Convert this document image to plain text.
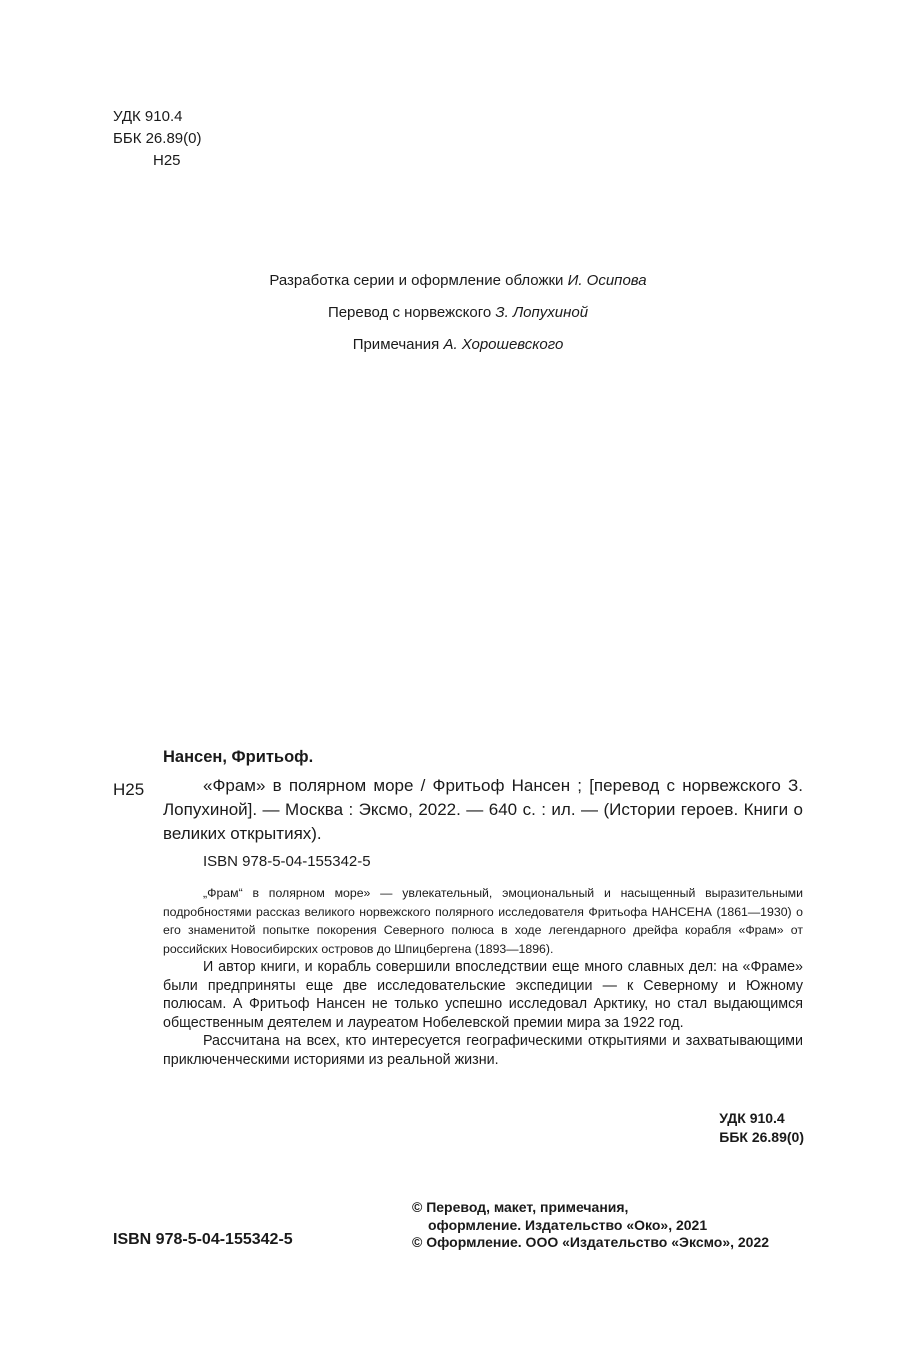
УДК 910.4
ББК 26.89(0)
Н25
Разработка серии и оформление обложки И. Осипова
Перевод с норвежского З. Лопухиной
Примечания А. Хорошевского
Нансен, Фритьоф.
Н25	«Фрам» в полярном море / Фритьоф Нансен ; [перевод с норвежского З. Лопухиной]. — Москва : Эксмо, 2022. — 640 с. : ил. — (Истории героев. Книги о великих открытиях).

ISBN 978-5-04-155342-5

„Фрам“ в полярном море» — увлекательный, эмоциональный и насыщенный выразительными подробностями рассказ великого норвежского полярного исследователя Фритьофа НАНСЕНА (1861—1930) о его знаменитой попытке покорения Северного полюса в ходе легендарного дрейфа корабля «Фрам» от российских Новосибирских островов до Шпицбергена (1893—1896).

И автор книги, и корабль совершили впоследствии еще много славных дел: на «Фраме» были предприняты еще две исследовательские экспедиции — к Северному и Южному полюсам. А Фритьоф Нансен не только успешно исследовал Арктику, но стал выдающимся общественным деятелем и лауреатом Нобелевской премии мира за 1922 год.

Рассчитана на всех, кто интересуется географическими открытиями и захватывающими приключенческими историями из реальной жизни.

УДК 910.4
ББК 26.89(0)
ISBN 978-5-04-155342-5
© Перевод, макет, примечания,
оформление. Издательство «Око», 2021
© Оформление. ООО «Издательство «Эксмо», 2022
